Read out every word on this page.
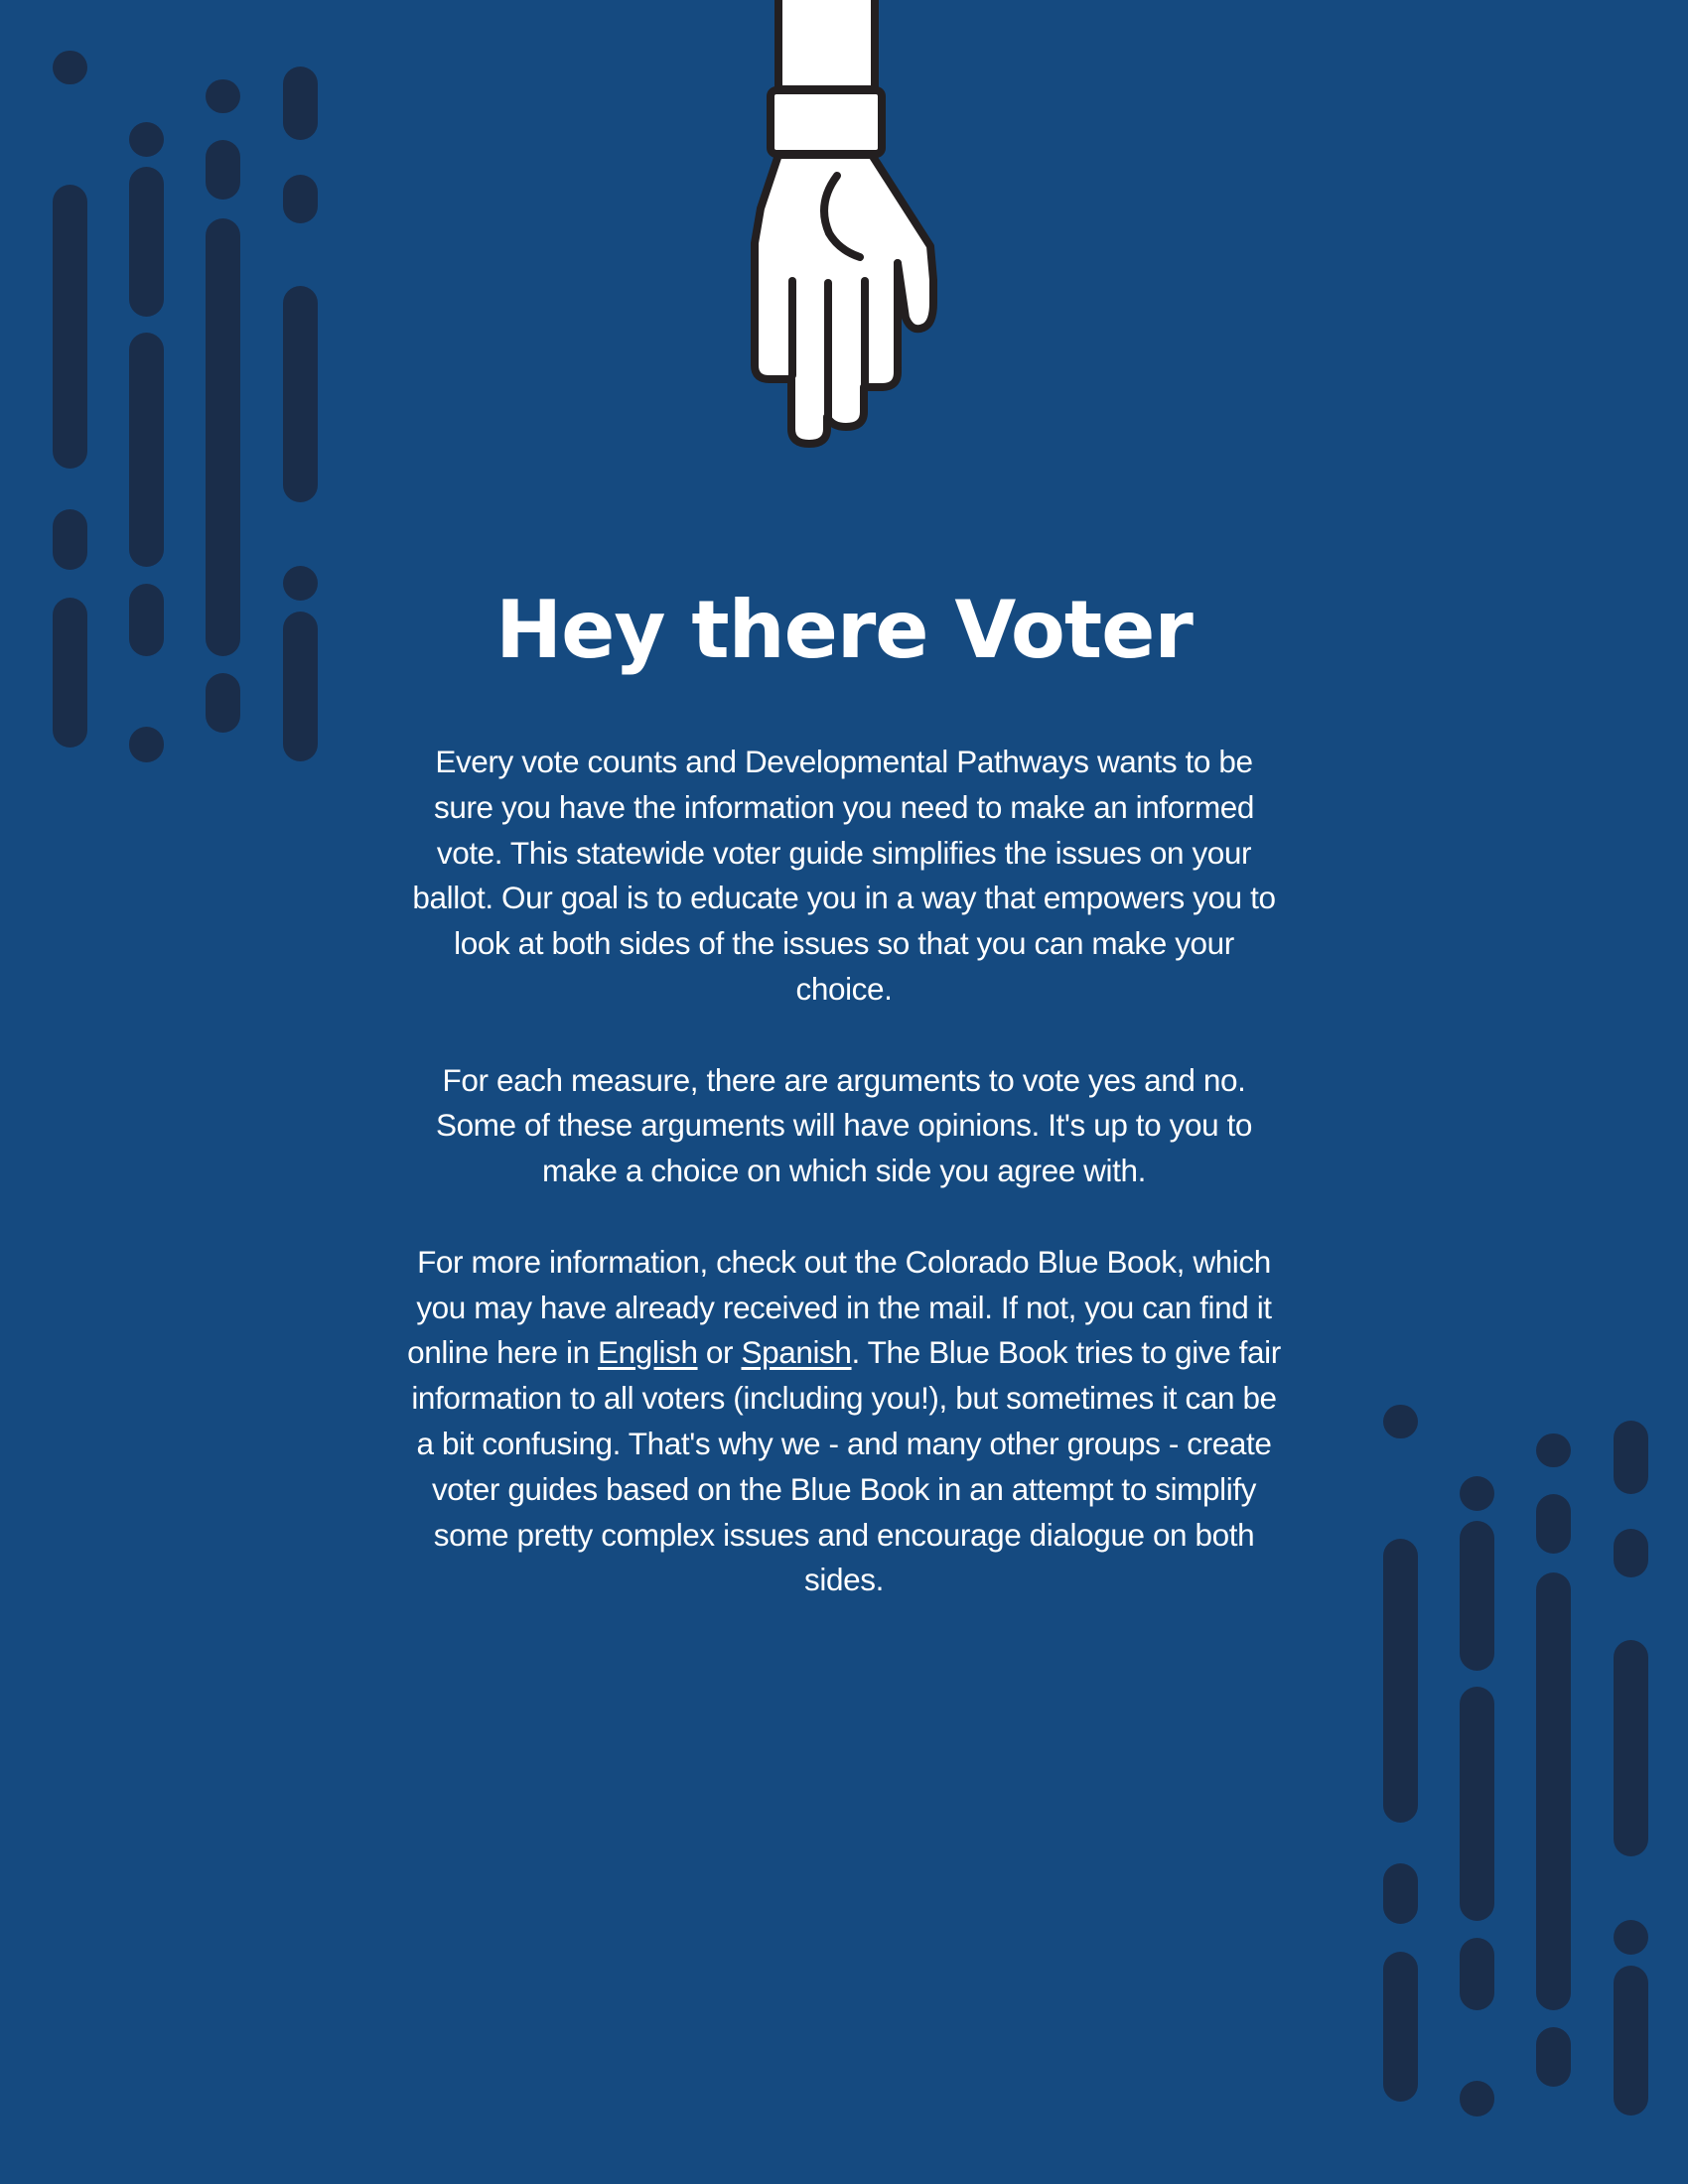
Hey there Voter

Every vote counts and Developmental Pathways wants to be sure you have the information you need to make an informed vote. This statewide voter guide simplifies the issues on your ballot. Our goal is to educate you in a way that empowers you to look at both sides of the issues so that you can make your choice.

For each measure, there are arguments to vote yes and no. Some of these arguments will have opinions. It's up to you to make a choice on which side you agree with.

For more information, check out the Colorado Blue Book, which you may have already received in the mail. If not, you can find it online here in English or Spanish. The Blue Book tries to give fair information to all voters (including you!), but sometimes it can be a bit confusing. That's why we - and many other groups - create voter guides based on the Blue Book in an attempt to simplify some pretty complex issues and encourage dialogue on both sides.
